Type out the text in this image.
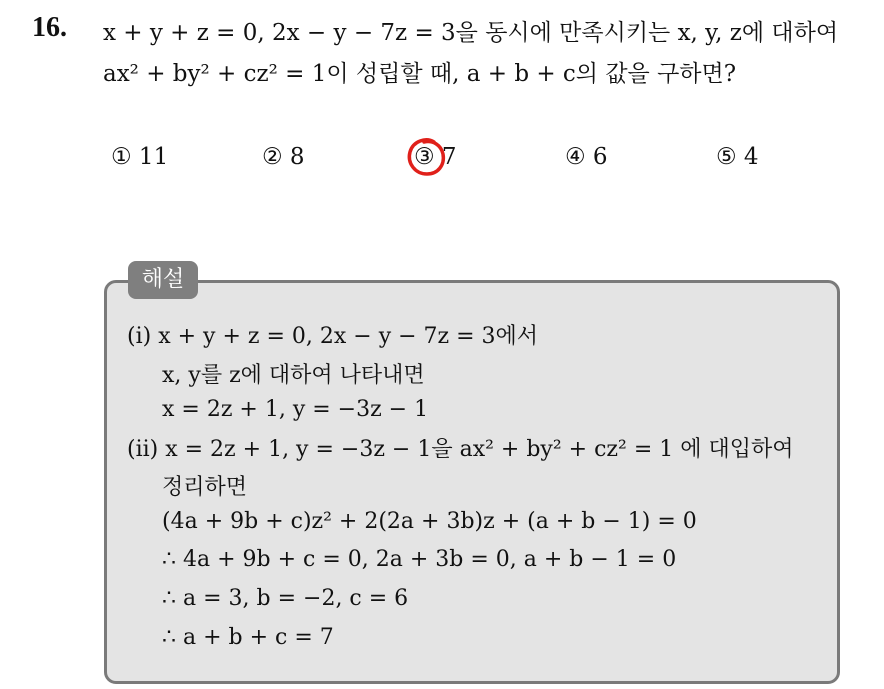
16. x + y + z = 0, 2x − y − 7z = 3을 동시에 만족시키는 x, y, z에 대하여
ax² + by² + cz² = 1이 성립할 때, a + b + c의 값을 구하면?
① 11	② 8	③ 7	④ 6	⑤ 4
해설
(i) x + y + z = 0, 2x − y − 7z = 3에서
x, y를 z에 대하여 나타내면
x = 2z + 1, y = −3z − 1
(ii) x = 2z + 1, y = −3z − 1을 ax² + by² + cz² = 1 에 대입하여
정리하면
(4a + 9b + c)z² + 2(2a + 3b)z + (a + b − 1) = 0
∴ 4a + 9b + c = 0, 2a + 3b = 0, a + b − 1 = 0
∴ a = 3, b = −2, c = 6
∴ a + b + c = 7
